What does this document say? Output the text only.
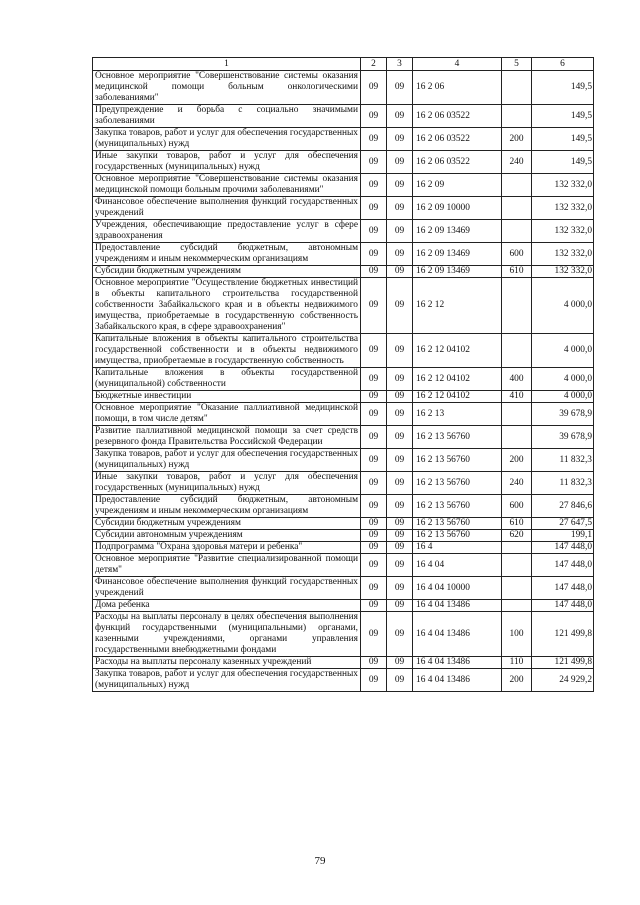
1	2	3	4	5	6
Основное мероприятие "Совершенствование системы оказания медицинской помощи больным онкологическими заболеваниями"	09	09	16 2 06		149,5
Предупреждение и борьба с социально значимыми заболеваниями	09	09	16 2 06 03522		149,5
Закупка товаров, работ и услуг для обеспечения государственных (муниципальных) нужд	09	09	16 2 06 03522	200	149,5
Иные закупки товаров, работ и услуг для обеспечения государственных (муниципальных) нужд	09	09	16 2 06 03522	240	149,5
Основное мероприятие "Совершенствование системы оказания медицинской помощи больным прочими заболеваниями"	09	09	16 2 09		132 332,0
Финансовое обеспечение выполнения функций государственных учреждений	09	09	16 2 09 10000		132 332,0
Учреждения, обеспечивающие предоставление услуг в сфере здравоохранения	09	09	16 2 09 13469		132 332,0
Предоставление субсидий бюджетным, автономным учреждениям и иным некоммерческим организациям	09	09	16 2 09 13469	600	132 332,0
Субсидии бюджетным учреждениям	09	09	16 2 09 13469	610	132 332,0
Основное мероприятие "Осуществление бюджетных инвестиций в объекты капитального строительства государственной собственности Забайкальского края и в объекты недвижимого имущества, приобретаемые в государственную собственность Забайкальского края, в сфере здравоохранения"	09	09	16 2 12		4 000,0
Капитальные вложения в объекты капитального строительства государственной собственности и в объекты недвижимого имущества, приобретаемые в государственную собственность	09	09	16 2 12 04102		4 000,0
Капитальные вложения в объекты государственной (муниципальной) собственности	09	09	16 2 12 04102	400	4 000,0
Бюджетные инвестиции	09	09	16 2 12 04102	410	4 000,0
Основное мероприятие "Оказание паллиативной медицинской помощи, в том числе детям"	09	09	16 2 13		39 678,9
Развитие паллиативной медицинской помощи за счет средств резервного фонда Правительства Российской Федерации	09	09	16 2 13 56760		39 678,9
Закупка товаров, работ и услуг для обеспечения государственных (муниципальных) нужд	09	09	16 2 13 56760	200	11 832,3
Иные закупки товаров, работ и услуг для обеспечения государственных (муниципальных) нужд	09	09	16 2 13 56760	240	11 832,3
Предоставление субсидий бюджетным, автономным учреждениям и иным некоммерческим организациям	09	09	16 2 13 56760	600	27 846,6
Субсидии бюджетным учреждениям	09	09	16 2 13 56760	610	27 647,5
Субсидии автономным учреждениям	09	09	16 2 13 56760	620	199,1
Подпрограмма "Охрана здоровья матери и ребенка"	09	09	16 4		147 448,0
Основное мероприятие "Развитие специализированной помощи детям"	09	09	16 4 04		147 448,0
Финансовое обеспечение выполнения функций государственных учреждений	09	09	16 4 04 10000		147 448,0
Дома ребенка	09	09	16 4 04 13486		147 448,0
Расходы на выплаты персоналу в целях обеспечения выполнения функций государственными (муниципальными) органами, казенными учреждениями, органами управления государственными внебюджетными фондами	09	09	16 4 04 13486	100	121 499,8
Расходы на выплаты персоналу казенных учреждений	09	09	16 4 04 13486	110	121 499,8
Закупка товаров, работ и услуг для обеспечения государственных (муниципальных) нужд	09	09	16 4 04 13486	200	24 929,2
79
